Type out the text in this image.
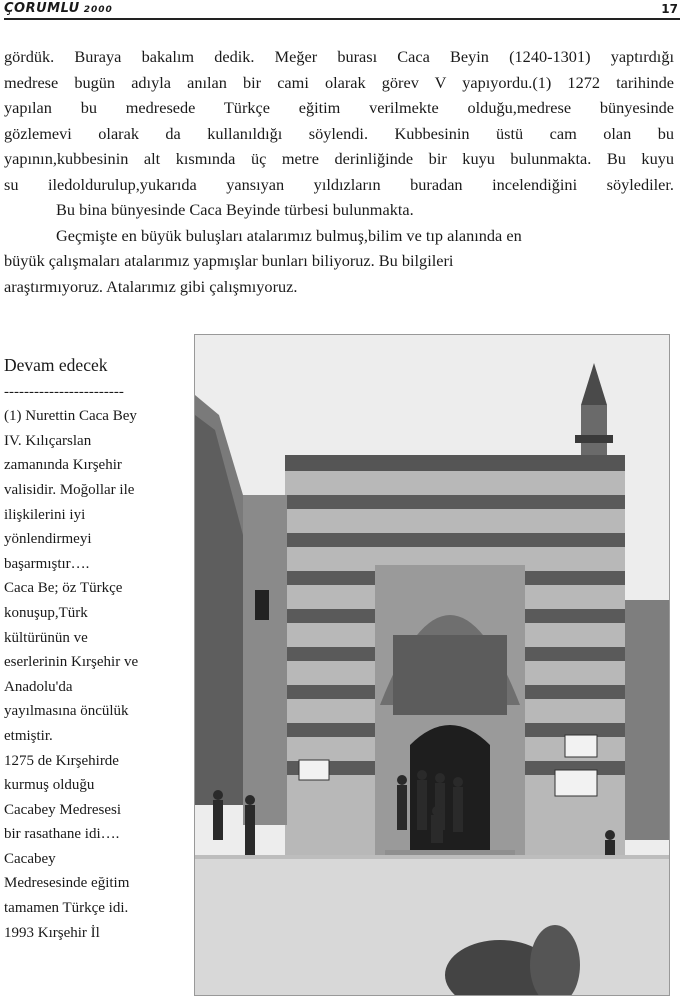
ÇORUMLU 2000	17

gördük. Buraya bakalım dedik. Meğer burası Caca Beyin (1240-1301) yaptırdığı

medrese bugün adıyla anılan bir cami olarak görev V yapıyordu.(1) 1272 tarihinde

yapılan bu medresede Türkçe eğitim verilmekte olduğu,medrese bünyesinde

gözlemevi olarak da kullanıldığı söylendi. Kubbesinin üstü cam olan bu

yapının,kubbesinin alt kısmında üç metre derinliğinde bir kuyu bulunmakta. Bu kuyu

su iledoldurulup,yukarıda yansıyan yıldızların buradan incelendiğini söylediler.

Bu bina bünyesinde Caca Beyinde türbesi bulunmakta.

Geçmişte en büyük buluşları atalarımız bulmuş,bilim ve tıp alanında en

büyük çalışmaları atalarımız yapmışlar bunları biliyoruz. Bu bilgileri

araştırmıyoruz. Atalarımız gibi çalışmıyoruz.

Devam edecek
------------------------
(1) Nurettin Caca Bey
IV. Kılıçarslan
zamanında Kırşehir
valisidir. Moğollar ile
ilişkilerini iyi
yönlendirmeyi
başarmıştır….
Caca Be; öz Türkçe
konuşup,Türk
kültürünün ve
eserlerinin Kırşehir ve
Anadolu'da
yayılmasına öncülük
etmiştir.
1275 de Kırşehirde
kurmuş olduğu
Cacabey Medresesi
bir rasathane idi….
Cacabey
Medresesinde eğitim
tamamen Türkçe idi.
1993 Kırşehir İl
